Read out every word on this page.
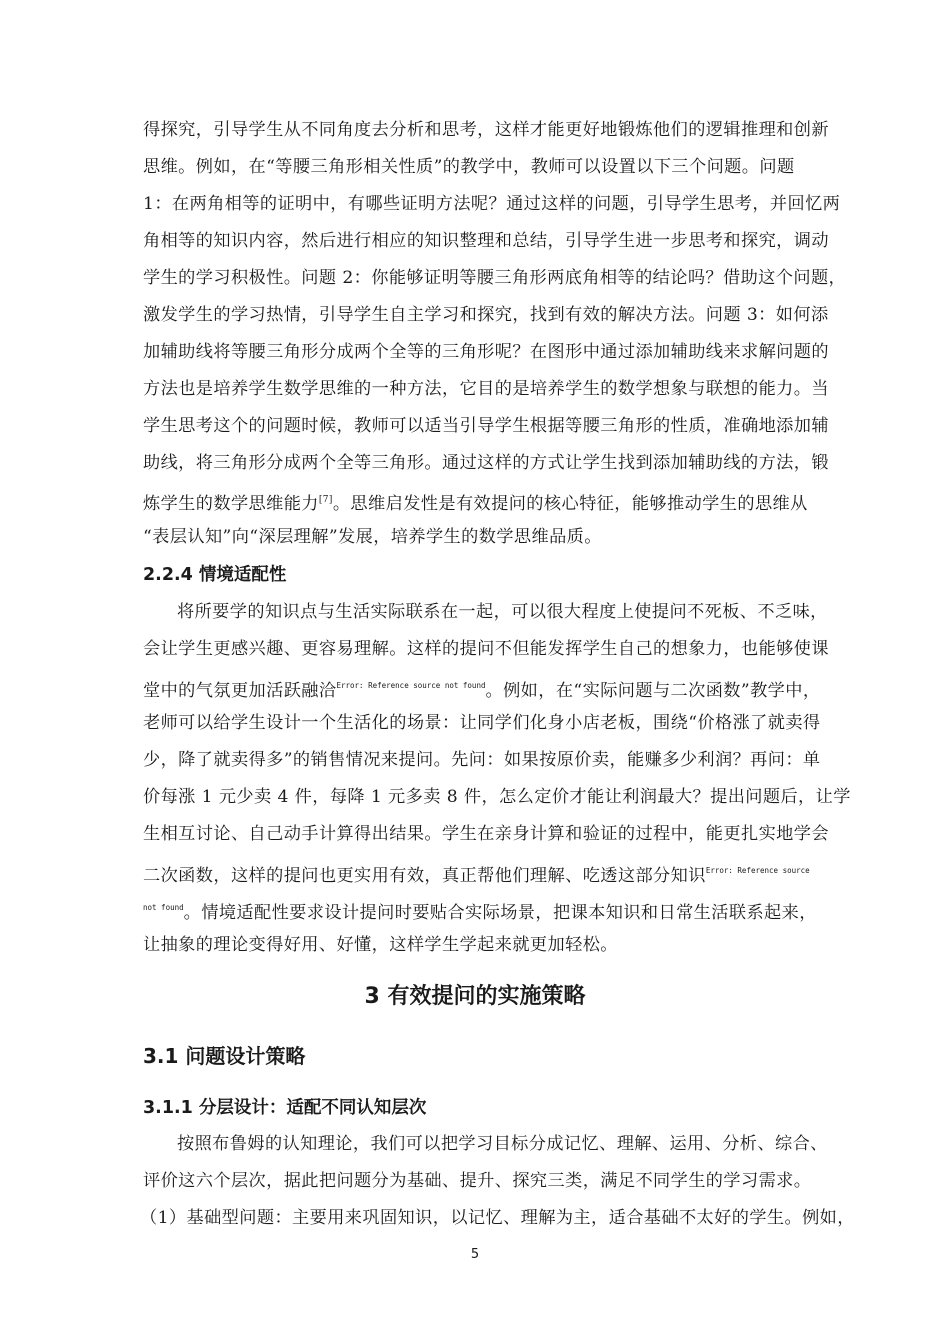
得探究，引导学生从不同角度去分析和思考，这样才能更好地锻炼他们的逻辑推理和创新
思维。例如，在“等腰三角形相关性质”的教学中，教师可以设置以下三个问题。问题
1：在两角相等的证明中，有哪些证明方法呢？通过这样的问题，引导学生思考，并回忆两
角相等的知识内容，然后进行相应的知识整理和总结，引导学生进一步思考和探究，调动
学生的学习积极性。问题 2：你能够证明等腰三角形两底角相等的结论吗？借助这个问题，
激发学生的学习热情，引导学生自主学习和探究，找到有效的解决方法。问题 3：如何添
加辅助线将等腰三角形分成两个全等的三角形呢？在图形中通过添加辅助线来求解问题的
方法也是培养学生数学思维的一种方法，它目的是培养学生的数学想象与联想的能力。当
学生思考这个的问题时候，教师可以适当引导学生根据等腰三角形的性质，准确地添加辅
助线，将三角形分成两个全等三角形。通过这样的方式让学生找到添加辅助线的方法，锻
炼学生的数学思维能力[7]。思维启发性是有效提问的核心特征，能够推动学生的思维从
“表层认知”向“深层理解”发展，培养学生的数学思维品质。
2.2.4 情境适配性
将所要学的知识点与生活实际联系在一起，可以很大程度上使提问不死板、不乏味，
会让学生更感兴趣、更容易理解。这样的提问不但能发挥学生自己的想象力，也能够使课
堂中的气氛更加活跃融洽$^{Error: Reference source not found}$。例如，在“实际问题与二次函数”教学中，
老师可以给学生设计一个生活化的场景：让同学们化身小店老板，围绕“价格涨了就卖得
少，降了就卖得多”的销售情况来提问。先问：如果按原价卖，能赚多少利润？再问：单
价每涨 1 元少卖 4 件，每降 1 元多卖 8 件，怎么定价才能让利润最大？提出问题后，让学
生相互讨论、自己动手计算得出结果。学生在亲身计算和验证的过程中，能更扎实地学会
二次函数，这样的提问也更实用有效，真正帮他们理解、吃透这部分知识$^{Error: Reference source}$
$^{not found}$。情境适配性要求设计提问时要贴合实际场景，把课本知识和日常生活联系起来，
让抽象的理论变得好用、好懂，这样学生学起来就更加轻松。
3 有效提问的实施策略
3.1 问题设计策略
3.1.1 分层设计：适配不同认知层次
按照布鲁姆的认知理论，我们可以把学习目标分成记忆、理解、运用、分析、综合、
评价这六个层次，据此把问题分为基础、提升、探究三类，满足不同学生的学习需求。
（1）基础型问题：主要用来巩固知识，以记忆、理解为主，适合基础不太好的学生。例如，
5
